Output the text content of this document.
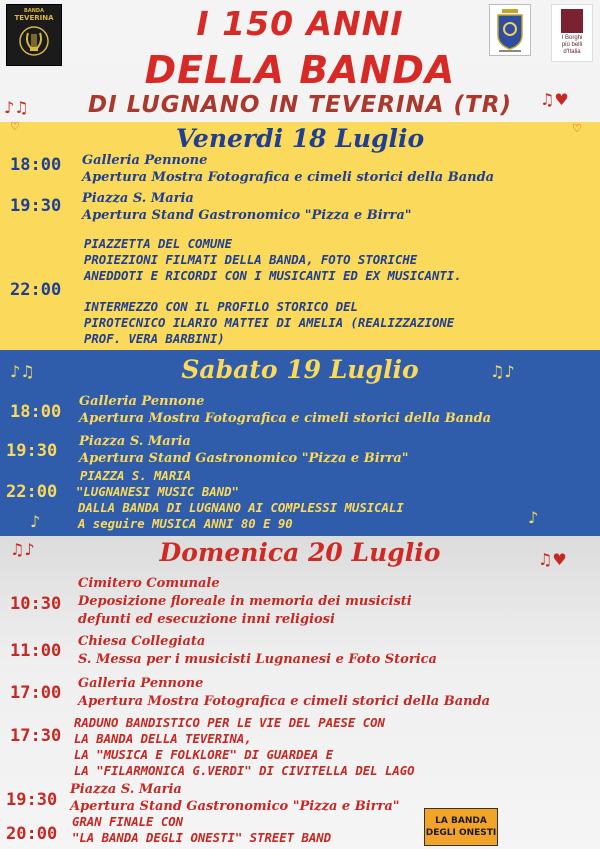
BANDA
TEVERINA
I Borghi
più belli
d'Italia
I 150 ANNI
DELLA BANDA
DI LUGNANO IN TEVERINA (TR)
♪♫	♫♥
♡	♡
♪♫	♫♪
♪	♪
♫♪
♫♥
Venerdi 18 Luglio
18:00 Galleria Pennone
Apertura Mostra Fotografica e cimeli storici della Banda
19:30 Piazza S. Maria
Apertura Stand Gastronomico "Pizza e Birra"
22:00
PIAZZETTA DEL COMUNE
PROIEZIONI FILMATI DELLA BANDA, FOTO STORICHE
ANEDDOTI E RICORDI CON I MUSICANTI ED EX MUSICANTI.
INTERMEZZO CON IL PROFILO STORICO DEL
PIROTECNICO ILARIO MATTEI DI AMELIA (REALIZZAZIONE
PROF. VERA BARBINI)
Sabato 19 Luglio
18:00
Galleria Pennone
Apertura Mostra Fotografica e cimeli storici della Banda
19:30 Piazza S. Maria
Apertura Stand Gastronomico "Pizza e Birra"
22:00
PIAZZA S. MARIA
"LUGNANESI MUSIC BAND"
DALLA BANDA DI LUGNANO AI COMPLESSI MUSICALI
A seguire MUSICA ANNI 80 E 90
Domenica 20 Luglio
10:30
Cimitero Comunale
Deposizione floreale in memoria dei musicisti
defunti ed esecuzione inni religiosi
11:00 Chiesa Collegiata
S. Messa per i musicisti Lugnanesi e Foto Storica
17:00 Galleria Pennone
Apertura Mostra Fotografica e cimeli storici della Banda
17:30
RADUNO BANDISTICO PER LE VIE DEL PAESE CON
LA BANDA DELLA TEVERINA,
LA "MUSICA E FOLKLORE" DI GUARDEA E
LA "FILARMONICA G.VERDI" DI CIVITELLA DEL LAGO
19:30
Piazza S. Maria
Apertura Stand Gastronomico "Pizza e Birra"
20:00
GRAN FINALE CON
"LA BANDA DEGLI ONESTI" STREET BAND
LA BANDA
DEGLI ONESTI
